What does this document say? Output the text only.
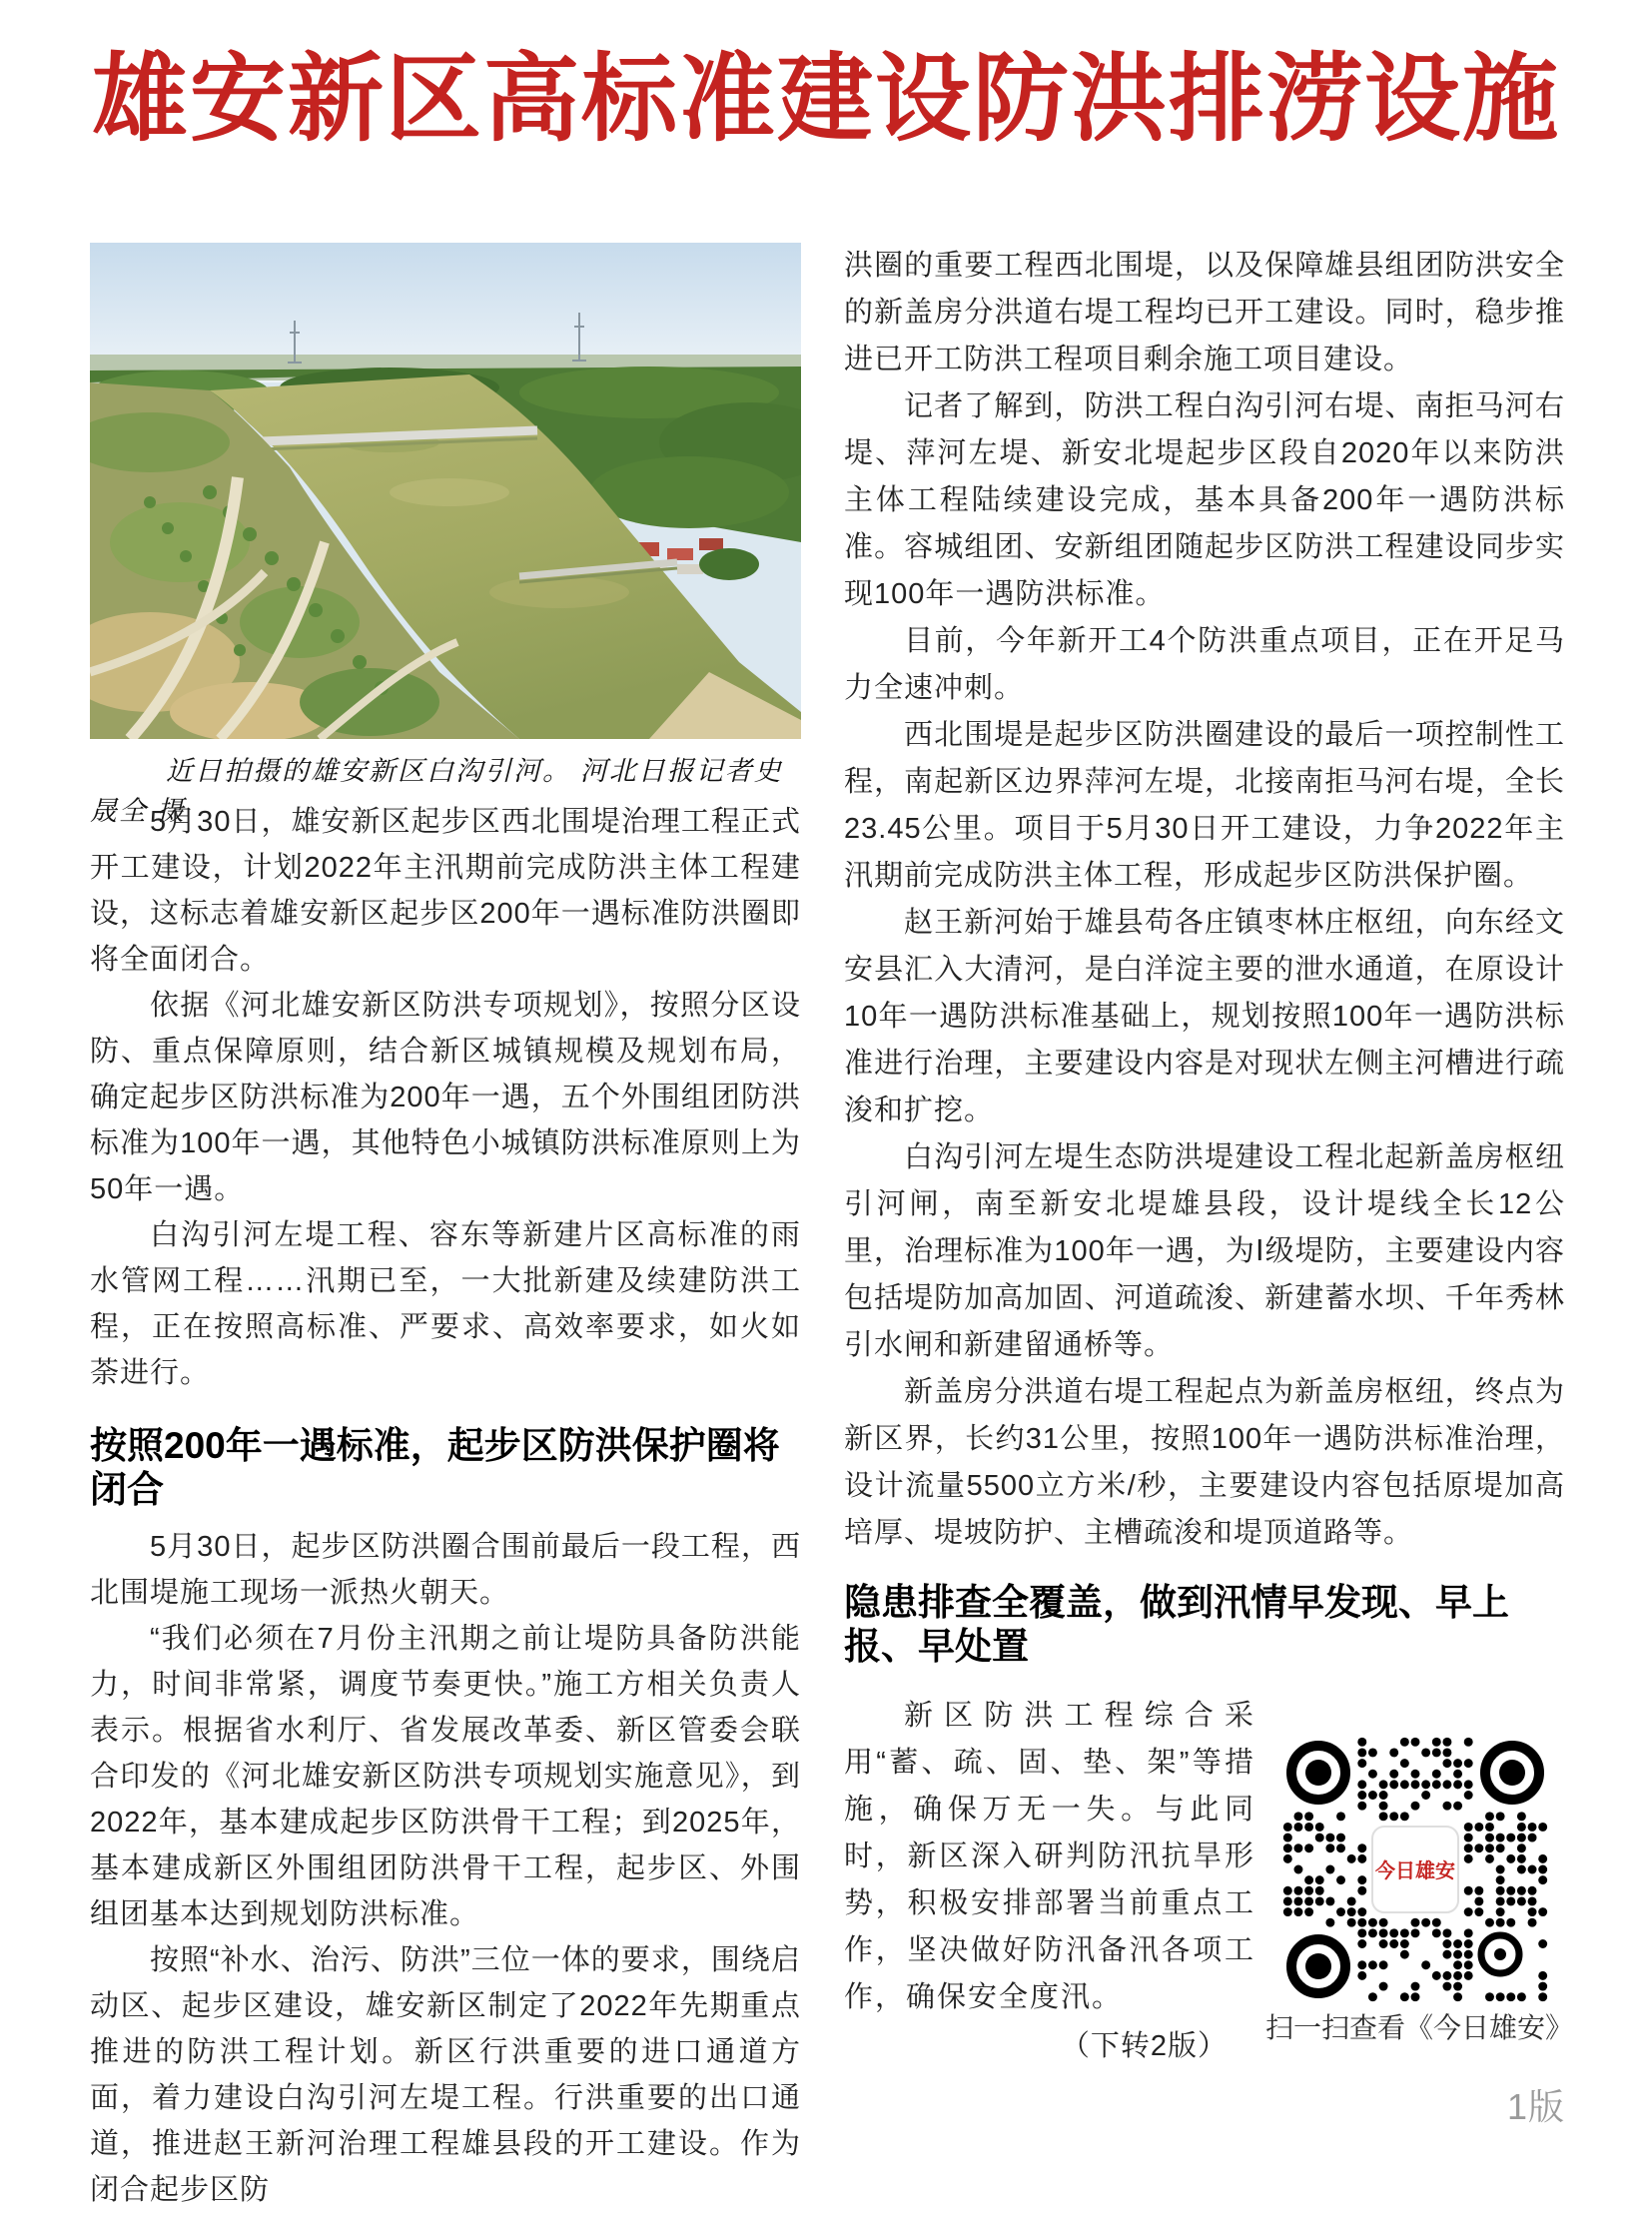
雄安新区高标准建设防洪排涝设施
近日拍摄的雄安新区白沟引河。 河北日报记者史晟全 摄

5月30日，雄安新区起步区西北围堤治理工程正式开工建设，计划2022年主汛期前完成防洪主体工程建设，这标志着雄安新区起步区200年一遇标准防洪圈即将全面闭合。

依据《河北雄安新区防洪专项规划》，按照分区设防、重点保障原则，结合新区城镇规模及规划布局，确定起步区防洪标准为200年一遇，五个外围组团防洪标准为100年一遇，其他特色小城镇防洪标准原则上为50年一遇。

白沟引河左堤工程、容东等新建片区高标准的雨水管网工程……汛期已至，一大批新建及续建防洪工程，正在按照高标准、严要求、高效率要求，如火如荼进行。

按照200年一遇标准，起步区防洪保护圈将闭合

5月30日，起步区防洪圈合围前最后一段工程，西北围堤施工现场一派热火朝天。

“我们必须在7月份主汛期之前让堤防具备防洪能力，时间非常紧，调度节奏更快。”施工方相关负责人表示。根据省水利厅、省发展改革委、新区管委会联合印发的《河北雄安新区防洪专项规划实施意见》，到2022年，基本建成起步区防洪骨干工程；到2025年，基本建成新区外围组团防洪骨干工程，起步区、外围组团基本达到规划防洪标准。

按照“补水、治污、防洪”三位一体的要求，围绕启动区、起步区建设，雄安新区制定了2022年先期重点推进的防洪工程计划。新区行洪重要的进口通道方面，着力建设白沟引河左堤工程。行洪重要的出口通道，推进赵王新河治理工程雄县段的开工建设。作为闭合起步区防

洪圈的重要工程西北围堤，以及保障雄县组团防洪安全的新盖房分洪道右堤工程均已开工建设。同时，稳步推进已开工防洪工程项目剩余施工项目建设。

记者了解到，防洪工程白沟引河右堤、南拒马河右堤、萍河左堤、新安北堤起步区段自2020年以来防洪主体工程陆续建设完成，基本具备200年一遇防洪标准。容城组团、安新组团随起步区防洪工程建设同步实现100年一遇防洪标准。

目前，今年新开工4个防洪重点项目，正在开足马力全速冲刺。

西北围堤是起步区防洪圈建设的最后一项控制性工程，南起新区边界萍河左堤，北接南拒马河右堤，全长23.45公里。项目于5月30日开工建设，力争2022年主汛期前完成防洪主体工程，形成起步区防洪保护圈。

赵王新河始于雄县苟各庄镇枣林庄枢纽，向东经文安县汇入大清河，是白洋淀主要的泄水通道，在原设计10年一遇防洪标准基础上，规划按照100年一遇防洪标准进行治理，主要建设内容是对现状左侧主河槽进行疏浚和扩挖。

白沟引河左堤生态防洪堤建设工程北起新盖房枢纽引河闸，南至新安北堤雄县段，设计堤线全长12公里，治理标准为100年一遇，为Ⅰ级堤防，主要建设内容包括堤防加高加固、河道疏浚、新建蓄水坝、千年秀林引水闸和新建留通桥等。

新盖房分洪道右堤工程起点为新盖房枢纽，终点为新区界，长约31公里，按照100年一遇防洪标准治理，设计流量5500立方米/秒，主要建设内容包括原堤加高培厚、堤坡防护、主槽疏浚和堤顶道路等。

隐患排查全覆盖，做到汛情早发现、早上报、早处置

新区防洪工程综合采用“蓄、疏、固、垫、架”等措施，确保万无一失。与此同时，新区深入研判防汛抗旱形势，积极安排部署当前重点工作，坚决做好防汛备汛各项工作，确保安全度汛。

（下转2版）
今日雄安
扫一扫查看《今日雄安》
1版
